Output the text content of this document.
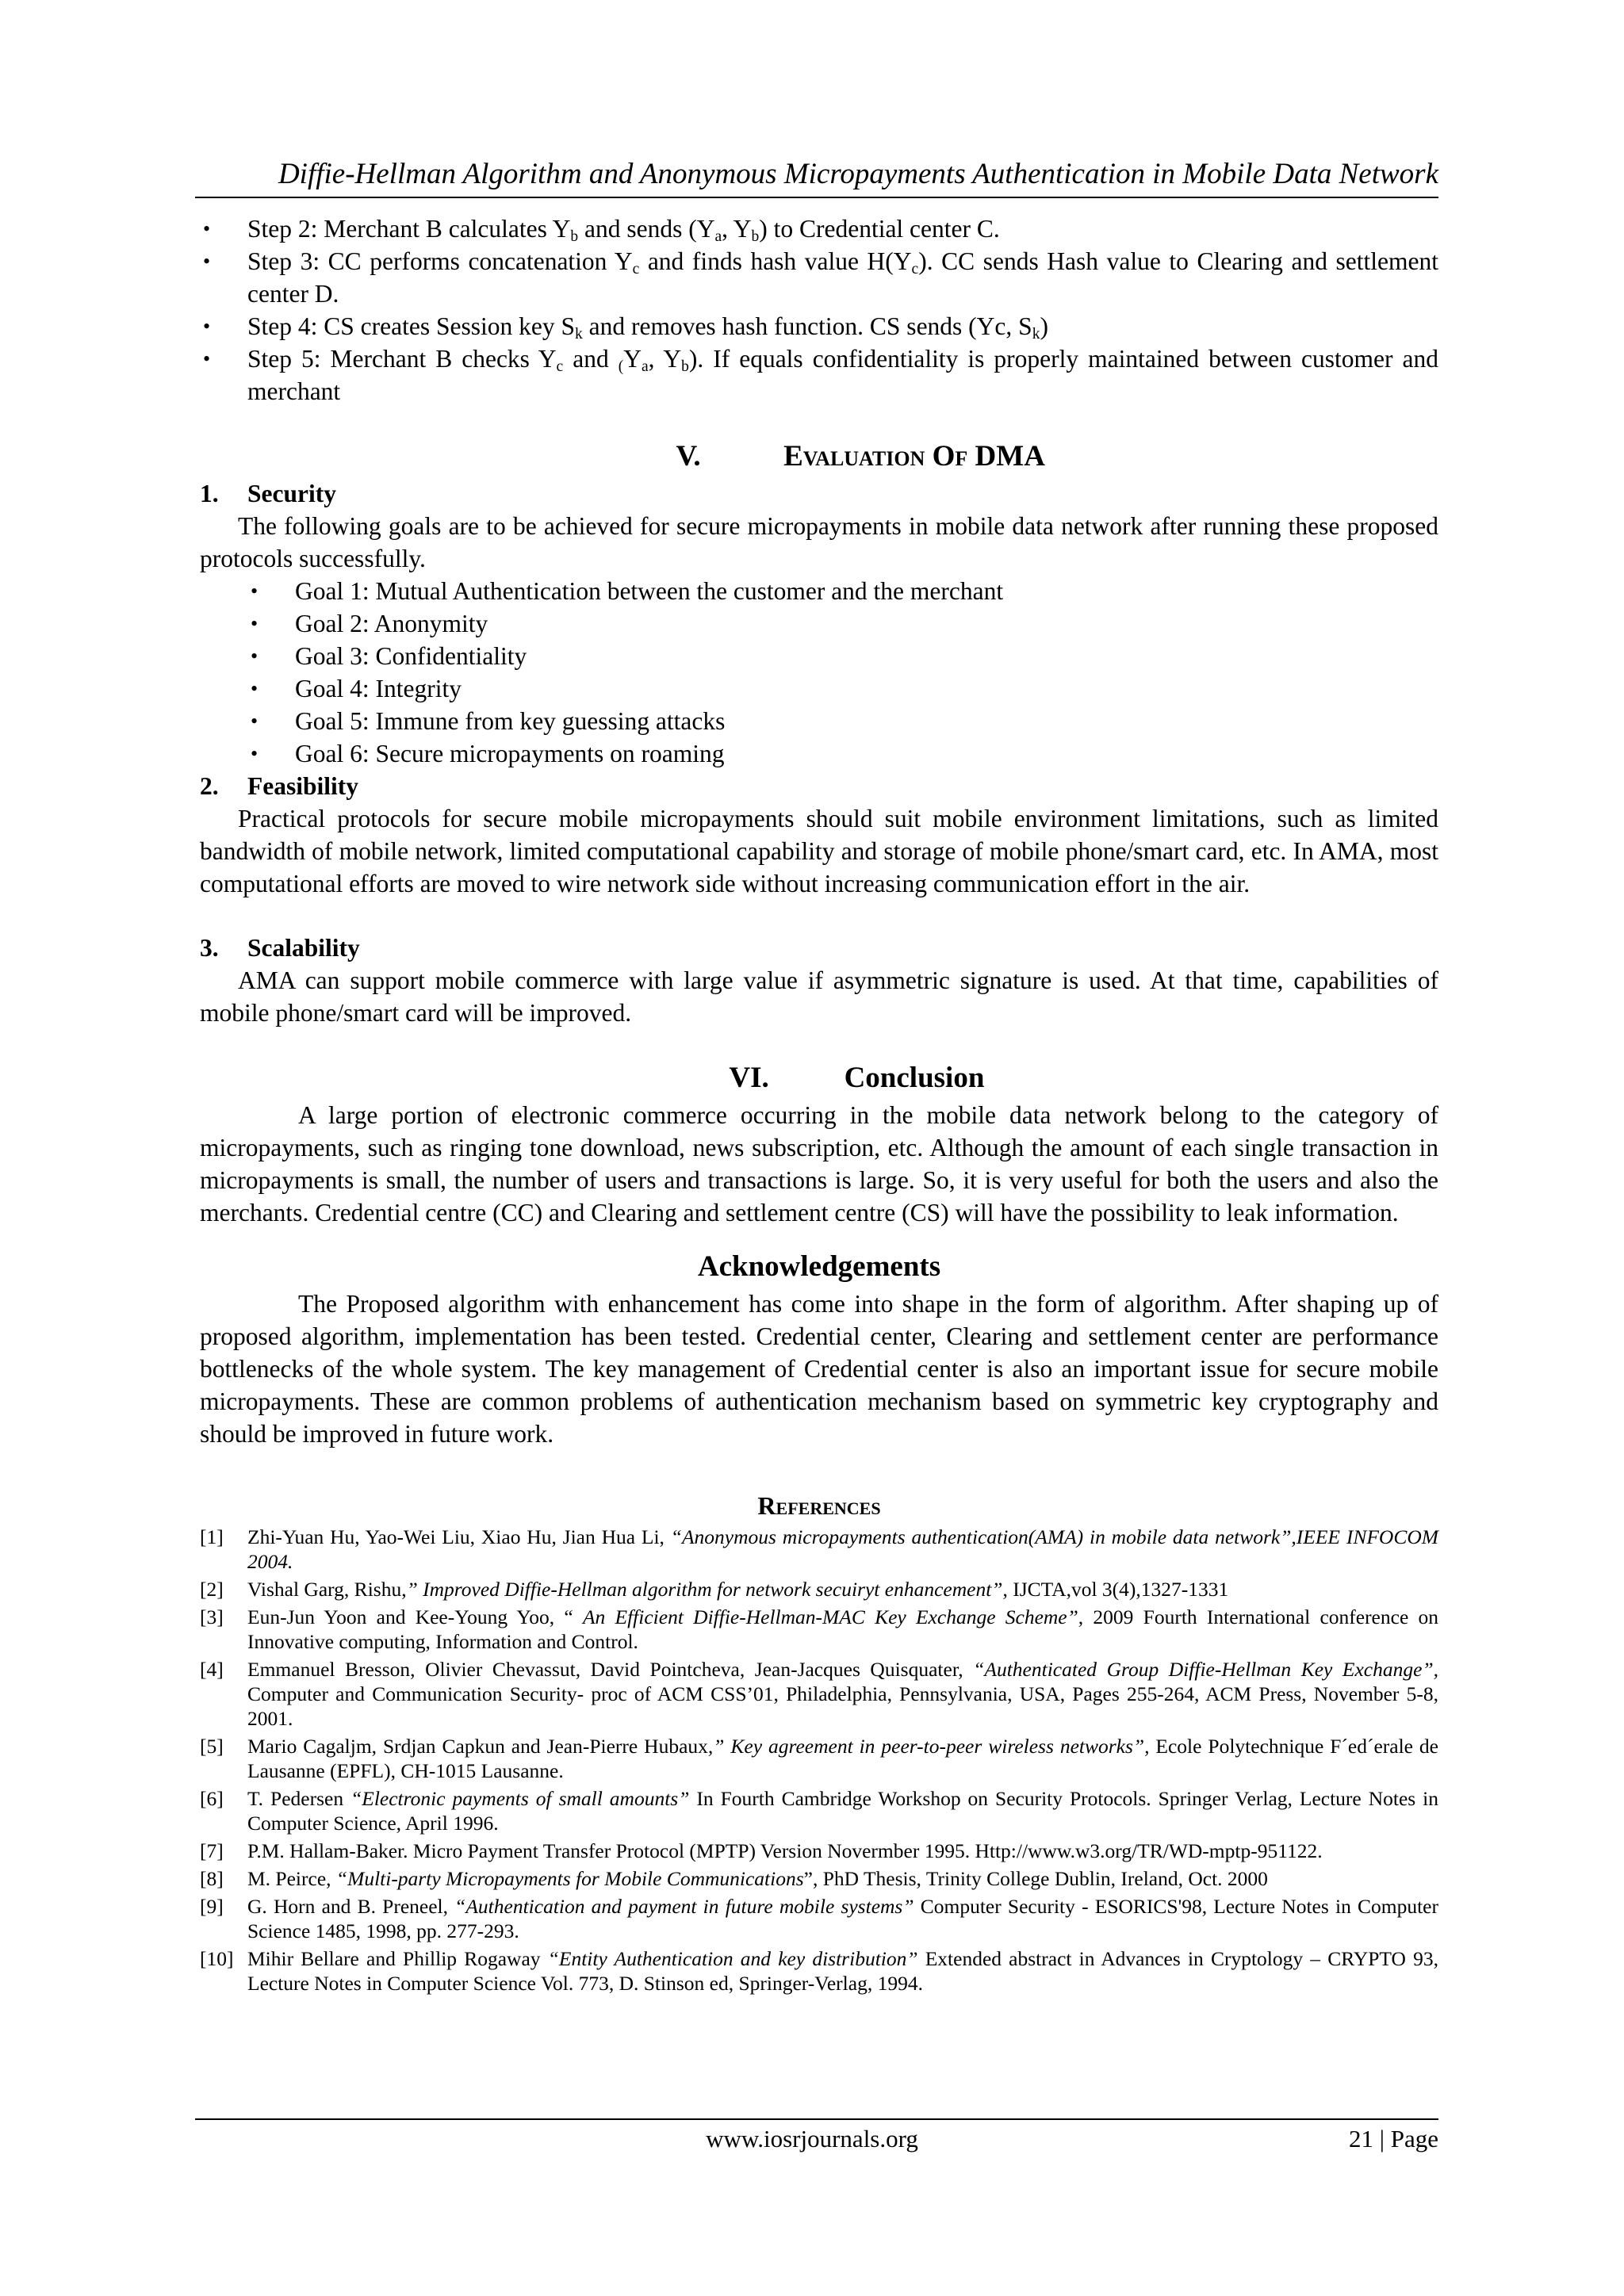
Diffie-Hellman Algorithm and Anonymous Micropayments Authentication in Mobile Data Network
• Step 2: Merchant B calculates $Y_b$ and sends ($Y_a$, $Y_b$) to Credential center C.
• Step 3: CC performs concatenation $Y_c$ and finds hash value $H(Y_c)$. CC sends Hash value to Clearing and settlement center D.
• Step 4: CS creates Session key $S_k$ and removes hash function. CS sends (Yc, $S_k$)
• Step 5: Merchant B checks $Y_c$ and $_(Y_a$, $Y_b$). If equals confidentiality is properly maintained between customer and merchant
V.	Evaluation Of DMA

1. Security

The following goals are to be achieved for secure micropayments in mobile data network after running these proposed protocols successfully.

• Goal 1: Mutual Authentication between the customer and the merchant
• Goal 2: Anonymity
• Goal 3: Confidentiality
• Goal 4: Integrity
• Goal 5: Immune from key guessing attacks
• Goal 6: Secure micropayments on roaming

2. Feasibility

Practical protocols for secure mobile micropayments should suit mobile environment limitations, such as limited bandwidth of mobile network, limited computational capability and storage of mobile phone/smart card, etc. In AMA, most computational efforts are moved to wire network side without increasing communication effort in the air.

3. Scalability

AMA can support mobile commerce with large value if asymmetric signature is used. At that time, capabilities of mobile phone/smart card will be improved.

VI.	Conclusion

A large portion of electronic commerce occurring in the mobile data network belong to the category of micropayments, such as ringing tone download, news subscription, etc. Although the amount of each single transaction in micropayments is small, the number of users and transactions is large. So, it is very useful for both the users and also the merchants. Credential centre (CC) and Clearing and settlement centre (CS) will have the possibility to leak information.

Acknowledgements

The Proposed algorithm with enhancement has come into shape in the form of algorithm. After shaping up of proposed algorithm, implementation has been tested. Credential center, Clearing and settlement center are performance bottlenecks of the whole system. The key management of Credential center is also an important issue for secure mobile micropayments. These are common problems of authentication mechanism based on symmetric key cryptography and should be improved in future work.

References
[1] Zhi-Yuan Hu, Yao-Wei Liu, Xiao Hu, Jian Hua Li, “Anonymous micropayments authentication(AMA) in mobile data network”,IEEE INFOCOM 2004.
[2] Vishal Garg, Rishu,” Improved Diffie-Hellman algorithm for network secuiryt enhancement”, IJCTA,vol 3(4),1327-1331
[3] Eun-Jun Yoon and Kee-Young Yoo, “ An Efficient Diffie-Hellman-MAC Key Exchange Scheme”, 2009 Fourth International conference on Innovative computing, Information and Control.
[4] Emmanuel Bresson, Olivier Chevassut, David Pointcheva, Jean-Jacques Quisquater, “Authenticated Group Diffie-Hellman Key Exchange”, Computer and Communication Security- proc of ACM CSS’01, Philadelphia, Pennsylvania, USA, Pages 255-264, ACM Press, November 5-8, 2001.
[5] Mario Cagaljm, Srdjan Capkun and Jean-Pierre Hubaux,” Key agreement in peer-to-peer wireless networks”, Ecole Polytechnique F´ed´erale de Lausanne (EPFL), CH-1015 Lausanne.
[6] T. Pedersen “Electronic payments of small amounts” In Fourth Cambridge Workshop on Security Protocols. Springer Verlag, Lecture Notes in Computer Science, April 1996.
[7] P.M. Hallam-Baker. Micro Payment Transfer Protocol (MPTP) Version Novermber 1995. Http://www.w3.org/TR/WD-mptp-951122.
[8] M. Peirce, “Multi-party Micropayments for Mobile Communications”, PhD Thesis, Trinity College Dublin, Ireland, Oct. 2000
[9] G. Horn and B. Preneel, “Authentication and payment in future mobile systems” Computer Security - ESORICS'98, Lecture Notes in Computer Science 1485, 1998, pp. 277-293.
[10] Mihir Bellare and Phillip Rogaway “Entity Authentication and key distribution” Extended abstract in Advances in Cryptology – CRYPTO 93, Lecture Notes in Computer Science Vol. 773, D. Stinson ed, Springer-Verlag, 1994.
www.iosrjournals.org	21 | Page
